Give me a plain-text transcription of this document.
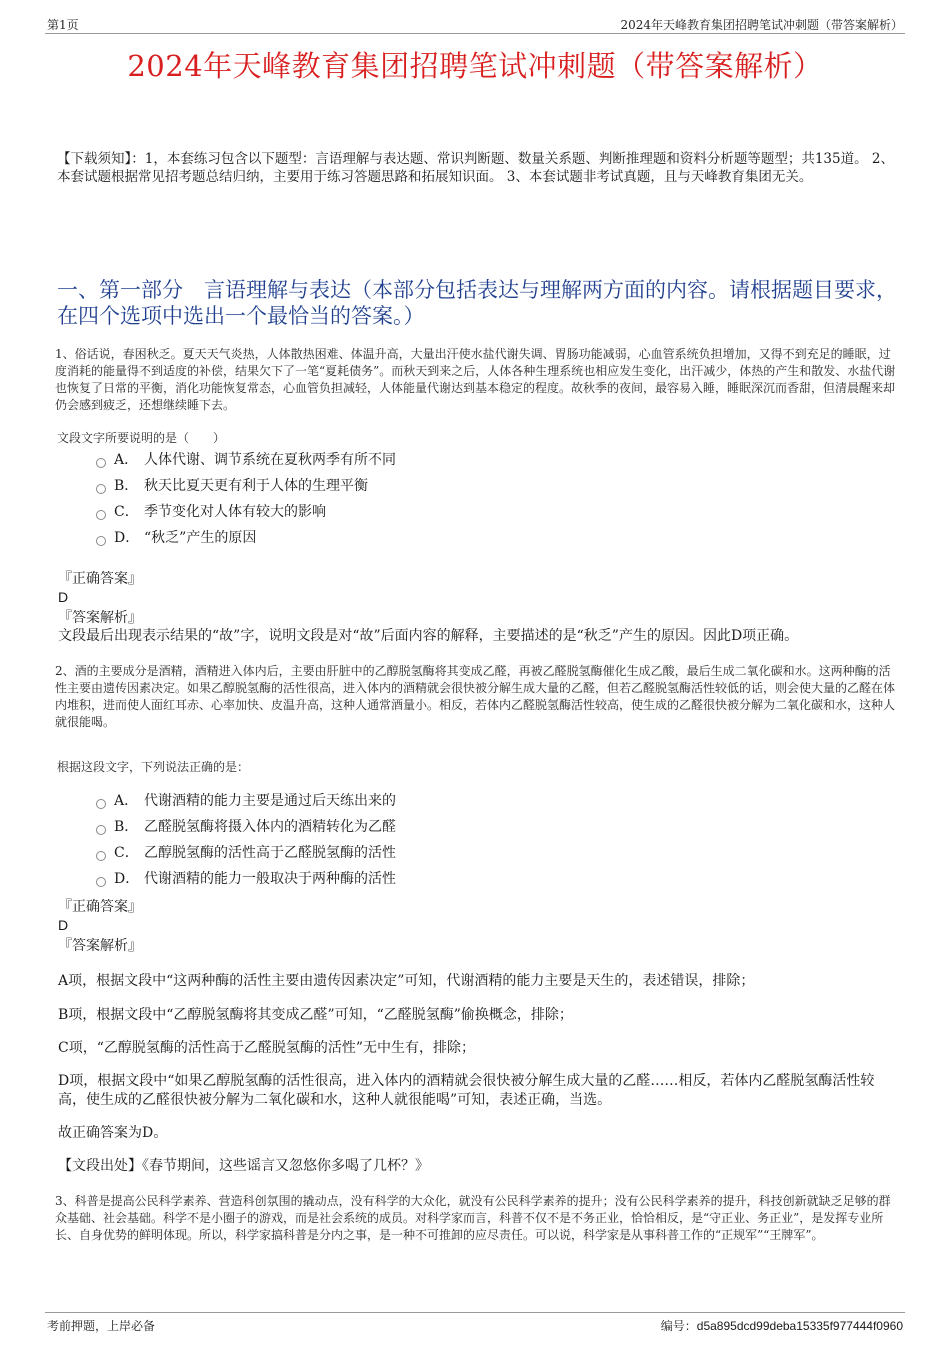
第1页	2024年天峰教育集团招聘笔试冲刺题（带答案解析）
2024年天峰教育集团招聘笔试冲刺题（带答案解析）
【下载须知】：1，本套练习包含以下题型：言语理解与表达题、常识判断题、数量关系题、判断推理题和资料分析题等题型；共135道。 2、本套试题根据常见招考题总结归纳，主要用于练习答题思路和拓展知识面。 3、本套试题非考试真题，且与天峰教育集团无关。
一、第一部分　言语理解与表达（本部分包括表达与理解两方面的内容。请根据题目要求，在四个选项中选出一个最恰当的答案。）
1、俗话说，春困秋乏。夏天天气炎热，人体散热困难、体温升高，大量出汗使水盐代谢失调、胃肠功能减弱，心血管系统负担增加，又得不到充足的睡眠，过度消耗的能量得不到适度的补偿，结果欠下了一笔“夏耗债务”。而秋天到来之后，人体各种生理系统也相应发生变化，出汗减少，体热的产生和散发、水盐代谢也恢复了日常的平衡，消化功能恢复常态，心血管负担减轻，人体能量代谢达到基本稳定的程度。故秋季的夜间，最容易入睡，睡眠深沉而香甜，但清晨醒来却仍会感到疲乏，还想继续睡下去。
文段文字所要说明的是（　　）
A． 人体代谢、调节系统在夏秋两季有所不同
B． 秋天比夏天更有利于人体的生理平衡
C． 季节变化对人体有较大的影响
D． “秋乏”产生的原因
『正确答案』
D
『答案解析』
文段最后出现表示结果的“故”字，说明文段是对“故”后面内容的解释，主要描述的是“秋乏”产生的原因。因此D项正确。
2、酒的主要成分是酒精，酒精进入体内后，主要由肝脏中的乙醇脱氢酶将其变成乙醛，再被乙醛脱氢酶催化生成乙酸，最后生成二氧化碳和水。这两种酶的活性主要由遗传因素决定。如果乙醇脱氢酶的活性很高，进入体内的酒精就会很快被分解生成大量的乙醛，但若乙醛脱氢酶活性较低的话，则会使大量的乙醛在体内堆积，进而使人面红耳赤、心率加快、皮温升高，这种人通常酒量小。相反，若体内乙醛脱氢酶活性较高，使生成的乙醛很快被分解为二氧化碳和水，这种人就很能喝。
根据这段文字，下列说法正确的是：
A． 代谢酒精的能力主要是通过后天练出来的
B． 乙醛脱氢酶将摄入体内的酒精转化为乙醛
C． 乙醇脱氢酶的活性高于乙醛脱氢酶的活性
D． 代谢酒精的能力一般取决于两种酶的活性
『正确答案』
D
『答案解析』
A项，根据文段中“这两种酶的活性主要由遗传因素决定”可知，代谢酒精的能力主要是天生的，表述错误，排除；
B项，根据文段中“乙醇脱氢酶将其变成乙醛”可知，“乙醛脱氢酶”偷换概念，排除；
C项，“乙醇脱氢酶的活性高于乙醛脱氢酶的活性”无中生有，排除；
D项，根据文段中“如果乙醇脱氢酶的活性很高，进入体内的酒精就会很快被分解生成大量的乙醛……相反，若体内乙醛脱氢酶活性较高，使生成的乙醛很快被分解为二氧化碳和水，这种人就很能喝”可知，表述正确，当选。
故正确答案为D。
【文段出处】《春节期间，这些谣言又忽悠你多喝了几杯？》
3、科普是提高公民科学素养、营造科创氛围的撬动点，没有科学的大众化，就没有公民科学素养的提升；没有公民科学素养的提升，科技创新就缺乏足够的群众基础、社会基础。科学不是小圈子的游戏，而是社会系统的成员。对科学家而言，科普不仅不是不务正业，恰恰相反，是“守正业、务正业”，是发挥专业所长、自身优势的鲜明体现。所以，科学家搞科普是分内之事，是一种不可推卸的应尽责任。可以说，科学家是从事科普工作的“正规军”“王牌军”。
考前押题，上岸必备	编号：d5a895dcd99deba15335f977444f0960
